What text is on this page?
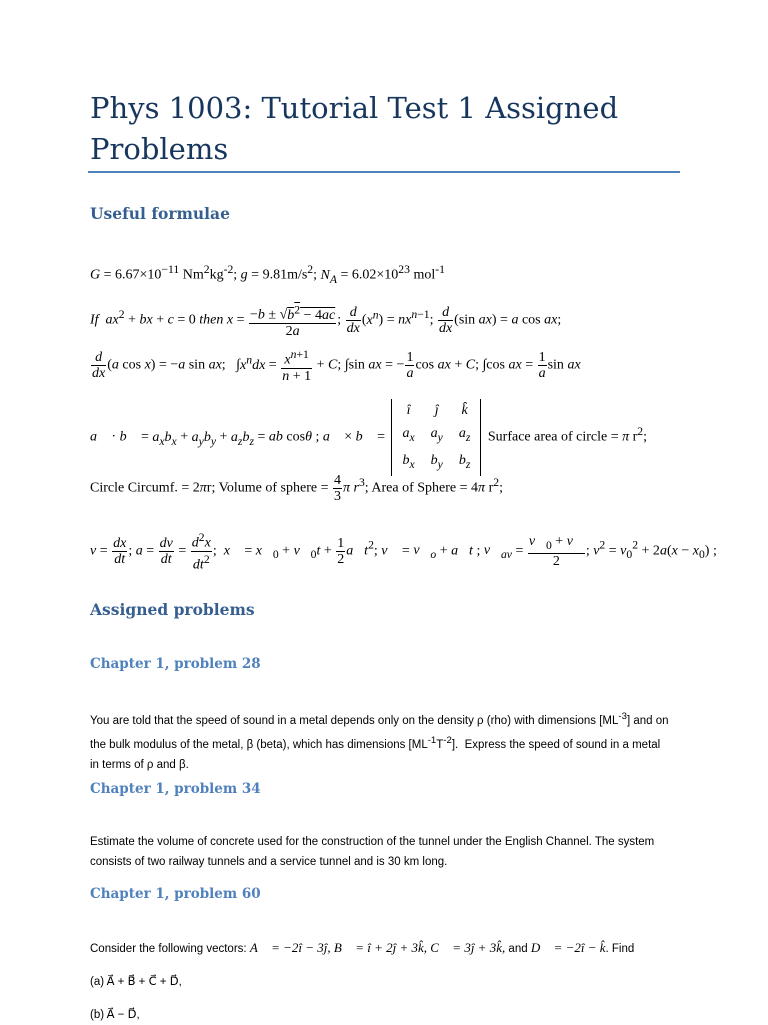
Phys 1003: Tutorial Test 1 Assigned Problems
Useful formulae
$G = 6.67\times 10^{-11}$ $Nm^2kg^{-2}$; $g = 9.81m/s^2$; $N_A = 6.02\times 10^{23}$ mol$^{-1}$
If  $ax^2$ + bx + c = 0 then $x = \frac{-b \pm √b^2 - 4ac}{2a}$ ; $\frac{d}{dx} (x^n) = nx^{n-1}$; $\frac{d}{dx} (\sin$ ax) = a cos ax;
$\frac{d}{dx} (a$ cos x) = −a sin ax;   $\int x^ndx = \frac{x^{n+1}}{n + 1} + C$; ∫sin ax = − $\frac{1}{a}$ cos ax + C; ∫cos ax = $\frac{1}{a}$ sin ax
a⃗ · b⃗ = $a_xb_x + a_yb_y + a_zb_z$ = ab cosθ ; a⃗ × b⃗ =
î	ĵ	k̂
$a_x$	$a_y$	$a_z$
$b_x$	$b_y$	$b_z$
Surface area of circle = π $r^2$;
Circle Circumf. = 2πr; Volume of sphere = $\frac{4}{3}$ π $r^3$; Area of Sphere = 4π $r^2$;
$v = \frac{dx}{dt}$ ; $a = \frac{dv}{dt} = \frac{d^2x}{dt^2}$ ;  x⃗ = $x⃗_0$ + $v⃗_0t + \frac{1}{2}$ $a⃗t^2$; v⃗ = $v⃗_o$ + a⃗t ; $v⃗_{av} = \frac{v⃗_0 + v⃗}{2}$ ; $v^2 = v_0^2 + 2a(x - x_0)$ ;
Assigned problems
Chapter 1, problem 28

You are told that the speed of sound in a metal depends only on the density ρ (rho) with dimensions $[ML^{-3}]$ and on the bulk modulus of the metal, β (beta), which has dimensions $[ML^{-1}T^{-2}]$.  Express the speed of sound in a metal in terms of ρ and β.

Chapter 1, problem 34

Estimate the volume of concrete used for the construction of the tunnel under the English Channel. The system consists of two railway tunnels and a service tunnel and is 30 km long.

Chapter 1, problem 60

Consider the following vectors: A⃗ = −2î − 3ĵ, B⃗ = î + 2ĵ + 3k̂, C⃗ = 3ĵ + 3k̂, and D⃗ = −2î − k̂. Find

(a) A⃗ + B⃗ + C⃗ + D⃗,

(b) A⃗ − D⃗,
